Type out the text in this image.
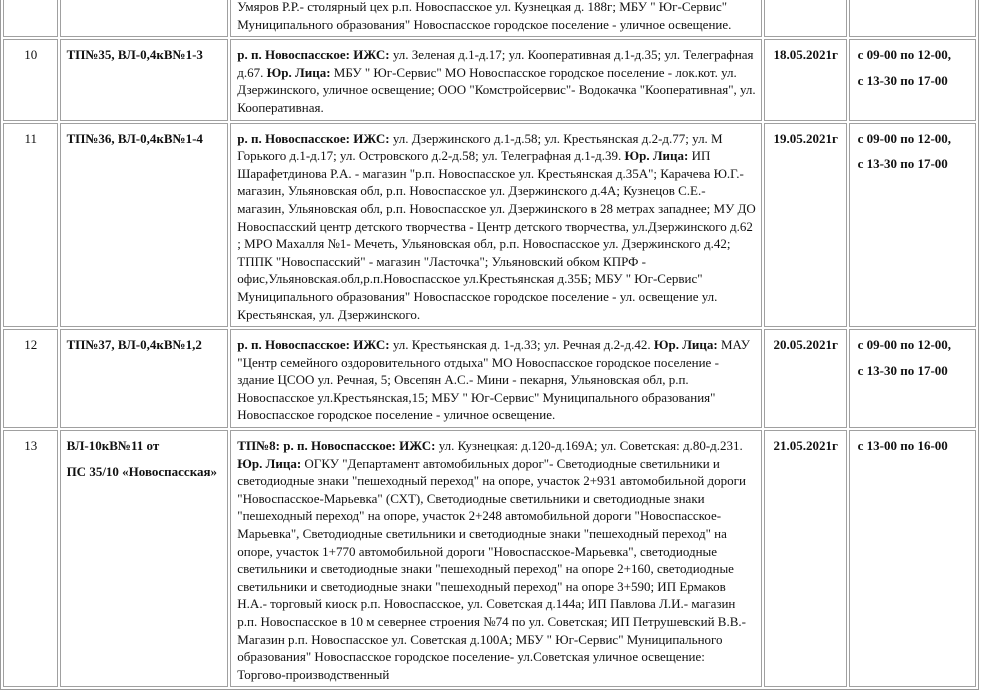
		Умяров Р.Р.- столярный цех р.п. Новоспасское ул. Кузнецкая д. 188г; МБУ " Юг-Сервис" Муниципального образования" Новоспасское городское поселение - уличное освещение.		
10	ТП№35, ВЛ-0,4кВ№1-3	р. п. Новоспасское: ИЖС: ул. Зеленая д.1-д.17; ул. Кооперативная д.1-д.35; ул. Телеграфная д.67. Юр. Лица: МБУ " Юг-Сервис" МО Новоспасское городское поселение - лок.кот. ул. Дзержинского, уличное освещение; ООО "Комстройсервис"- Водокачка "Кооперативная", ул. Кооперативная.	18.05.2021г	с 09-00 по 12-00,
с 13-30 по 17-00

11	ТП№36, ВЛ-0,4кВ№1-4	р. п. Новоспасское: ИЖС: ул. Дзержинского д.1-д.58; ул. Крестьянская д.2-д.77; ул. М Горького д.1-д.17; ул. Островского д.2-д.58; ул. Телеграфная д.1-д.39. Юр. Лица: ИП Шарафетдинова Р.А. - магазин "р.п. Новоспасское ул. Крестьянская д.35А"; Карачева Ю.Г.- магазин, Ульяновская обл, р.п. Новоспасское ул. Дзержинского д.4А; Кузнецов С.Е.- магазин, Ульяновская обл, р.п. Новоспасское ул. Дзержинского в 28 метрах западнее; МУ ДО Новоспасский центр детского творчества - Центр детского творчества, ул.Дзержинского д.62 ; МРО Махалля №1- Мечеть, Ульяновская обл, р.п. Новоспасское ул. Дзержинского д.42; ТППК "Новоспасский" - магазин "Ласточка"; Ульяновский обком КПРФ - офис,Ульяновская.обл,р.п.Новоспасское ул.Крестьянская д.35Б; МБУ " Юг-Сервис" Муниципального образования" Новоспасское городское поселение - ул. освещение ул. Крестьянская, ул. Дзержинского.	19.05.2021г	с 09-00 по 12-00,
с 13-30 по 17-00

12	ТП№37, ВЛ-0,4кВ№1,2	р. п. Новоспасское: ИЖС: ул. Крестьянская д. 1-д.33; ул. Речная д.2-д.42. Юр. Лица: МАУ "Центр семейного оздоровительного отдыха" МО Новоспасское городское поселение - здание ЦСОО ул. Речная, 5; Овсепян А.С.- Мини - пекарня, Ульяновская обл, р.п. Новоспасское ул.Крестьянская,15; МБУ " Юг-Сервис" Муниципального образования" Новоспасское городское поселение - уличное освещение.	20.05.2021г	с 09-00 по 12-00,
с 13-30 по 17-00

13	ВЛ-10кВ№11 от
ПС 35/10 «Новоспасская»	ТП№8: р. п. Новоспасское: ИЖС: ул. Кузнецкая: д.120-д.169А; ул. Советская: д.80-д.231. Юр. Лица: ОГКУ "Департамент автомобильных дорог"- Светодиодные светильники и светодиодные знаки "пешеходный переход" на опоре, участок 2+931 автомобильной дороги "Новоспасское-Марьевка" (СХТ), Светодиодные светильники и светодиодные знаки "пешеходный переход" на опоре, участок 2+248 автомобильной дороги "Новоспасское-Марьевка", Светодиодные светильники и светодиодные знаки "пешеходный переход" на опоре, участок 1+770 автомобильной дороги "Новоспасское-Марьевка", светодиодные светильники и светодиодные знаки "пешеходный переход" на опоре 2+160, светодиодные светильники и светодиодные знаки "пешеходный переход" на опоре 3+590; ИП Ермаков Н.А.- торговый киоск р.п. Новоспасское, ул. Советская д.144а; ИП Павлова Л.И.- магазин р.п. Новоспасское в 10 м севернее строения №74 по ул. Советская; ИП Петрушевский В.В.- Магазин р.п. Новоспасское ул. Советская д.100А; МБУ " Юг-Сервис" Муниципального образования" Новоспасское городское поселение- ул.Советская уличное освещение: Торгово-производственный	21.05.2021г	с 13-00 по 16-00
